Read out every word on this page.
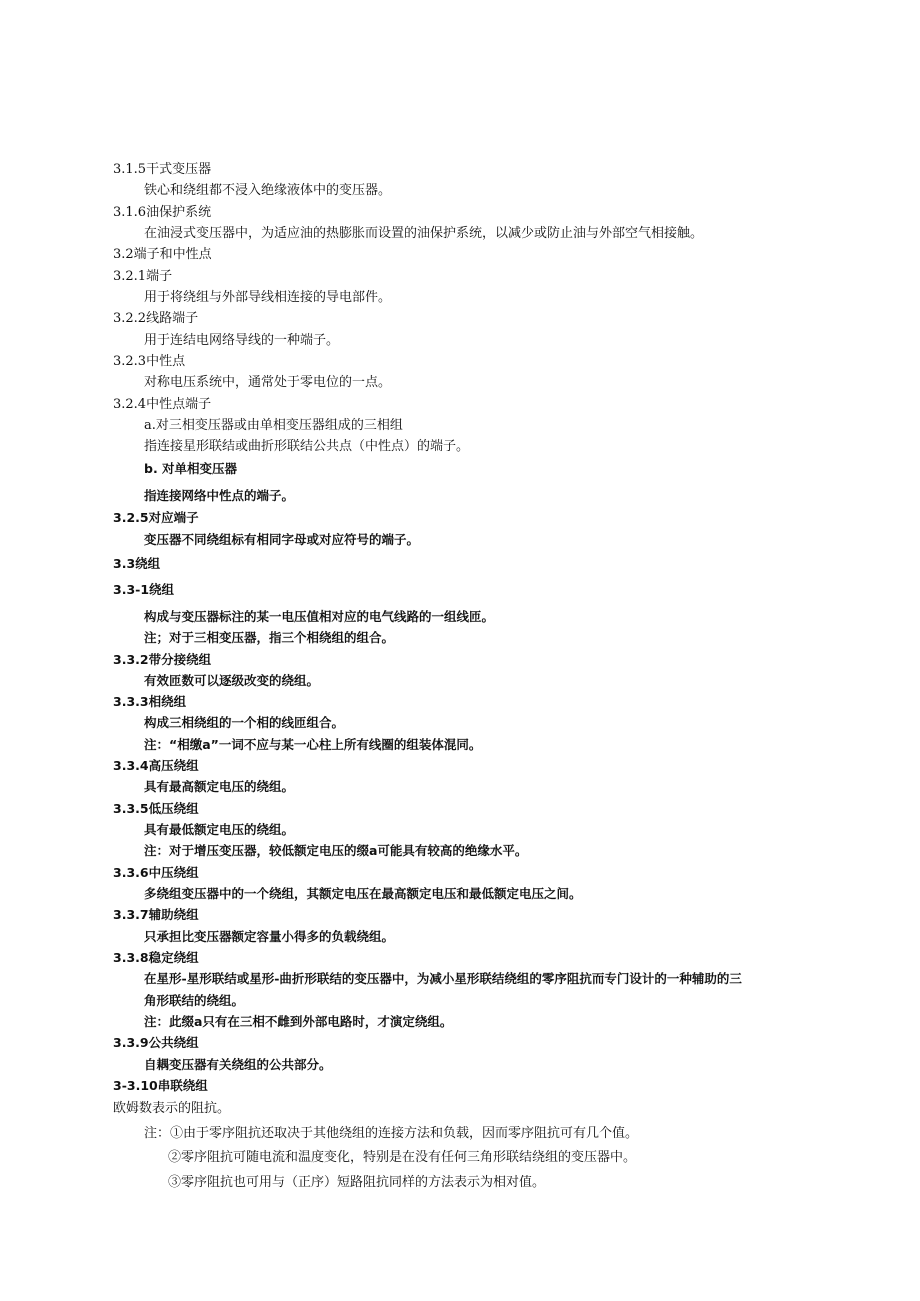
3.1.5干式变压器
铁心和绕组都不浸入绝缘液体中的变压器。
3.1.6油保护系统
在油浸式变压器中，为适应油的热膨胀而设置的油保护系统，以减少或防止油与外部空气相接触。
3.2端子和中性点
3.2.1端子
用于将绕组与外部导线相连接的导电部件。
3.2.2线路端子
用于连结电网络导线的一种端子。
3.2.3中性点
对称电压系统中，通常处于零电位的一点。
3.2.4中性点端子
a.对三相变压器或由单相变压器组成的三相组
指连接星形联结或曲折形联结公共点（中性点）的端子。
b. 对单相变压器
指连接网络中性点的端子。
3.2.5对应端子
变压器不同绕组标有相同字母或对应符号的端子。
3.3绕组
3.3-1绕组
构成与变压器标注的某一电压值相对应的电气线路的一组线匝。
注；对于三相变压器，指三个相绕组的组合。
3.3.2带分接绕组
有效匝数可以逐级改变的绕组。
3.3.3相绕组
构成三相绕组的一个相的线匝组合。
注：“相缴a”一词不应与某一心柱上所有线圈的组装体混同。
3.3.4高压绕组
具有最高额定电压的绕组。
3.3.5低压绕组
具有最低额定电压的绕组。
注：对于增压变压器，较低额定电压的缀a可能具有较高的绝缘水平。
3.3.6中压绕组
多绕组变压器中的一个绕组，其额定电压在最高额定电压和最低额定电压之间。
3.3.7辅助绕组
只承担比变压器额定容量小得多的负载绕组。
3.3.8稳定绕组
在星形-星形联结或星形-曲折形联结的变压器中，为减小星形联结绕组的零序阻抗而专门设计的一种辅助的三
角形联结的绕组。
注：此缀a只有在三相不雌到外部电路时，才演定绕组。
3.3.9公共绕组
自耦变压器有关绕组的公共部分。
3-3.10串联绕组
欧姆数表示的阻抗。
注：①由于零序阻抗还取决于其他绕组的连接方法和负载，因而零序阻抗可有几个值。
②零序阻抗可随电流和温度变化，特别是在没有任何三角形联结绕组的变压器中。
③零序阻抗也可用与（正序）短路阻抗同样的方法表示为相对值。
